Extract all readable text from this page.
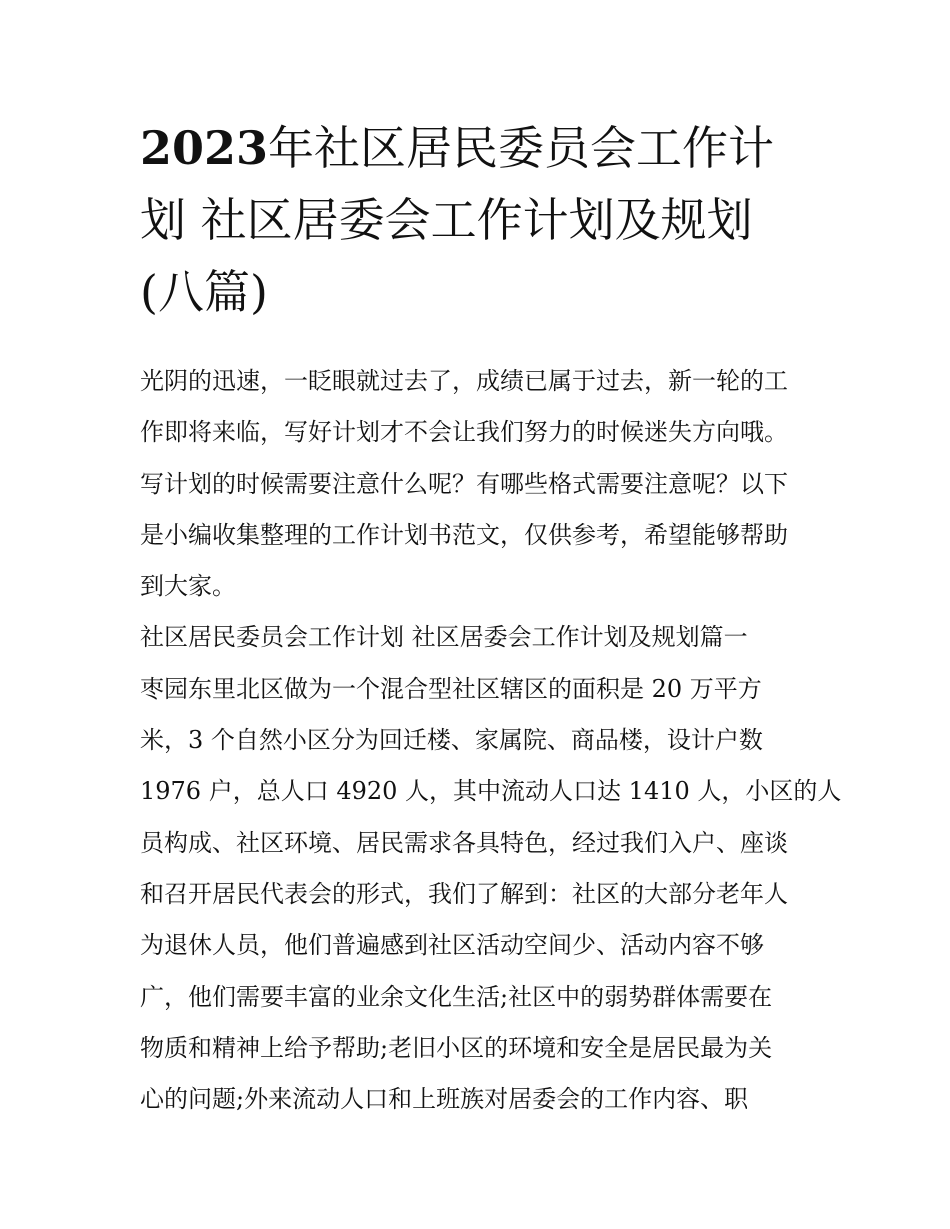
2023年社区居民委员会工作计
划 社区居委会工作计划及规划
(八篇)
光阴的迅速，一眨眼就过去了，成绩已属于过去，新一轮的工
作即将来临，写好计划才不会让我们努力的时候迷失方向哦。
写计划的时候需要注意什么呢？有哪些格式需要注意呢？以下
是小编收集整理的工作计划书范文，仅供参考，希望能够帮助
到大家。
社区居民委员会工作计划 社区居委会工作计划及规划篇一
枣园东里北区做为一个混合型社区辖区的面积是 20 万平方
米，3 个自然小区分为回迁楼、家属院、商品楼，设计户数
1976 户，总人口 4920 人，其中流动人口达 1410 人，小区的人
员构成、社区环境、居民需求各具特色，经过我们入户、座谈
和召开居民代表会的形式，我们了解到：社区的大部分老年人
为退休人员，他们普遍感到社区活动空间少、活动内容不够
广，他们需要丰富的业余文化生活;社区中的弱势群体需要在
物质和精神上给予帮助;老旧小区的环境和安全是居民最为关
心的问题;外来流动人口和上班族对居委会的工作内容、职
